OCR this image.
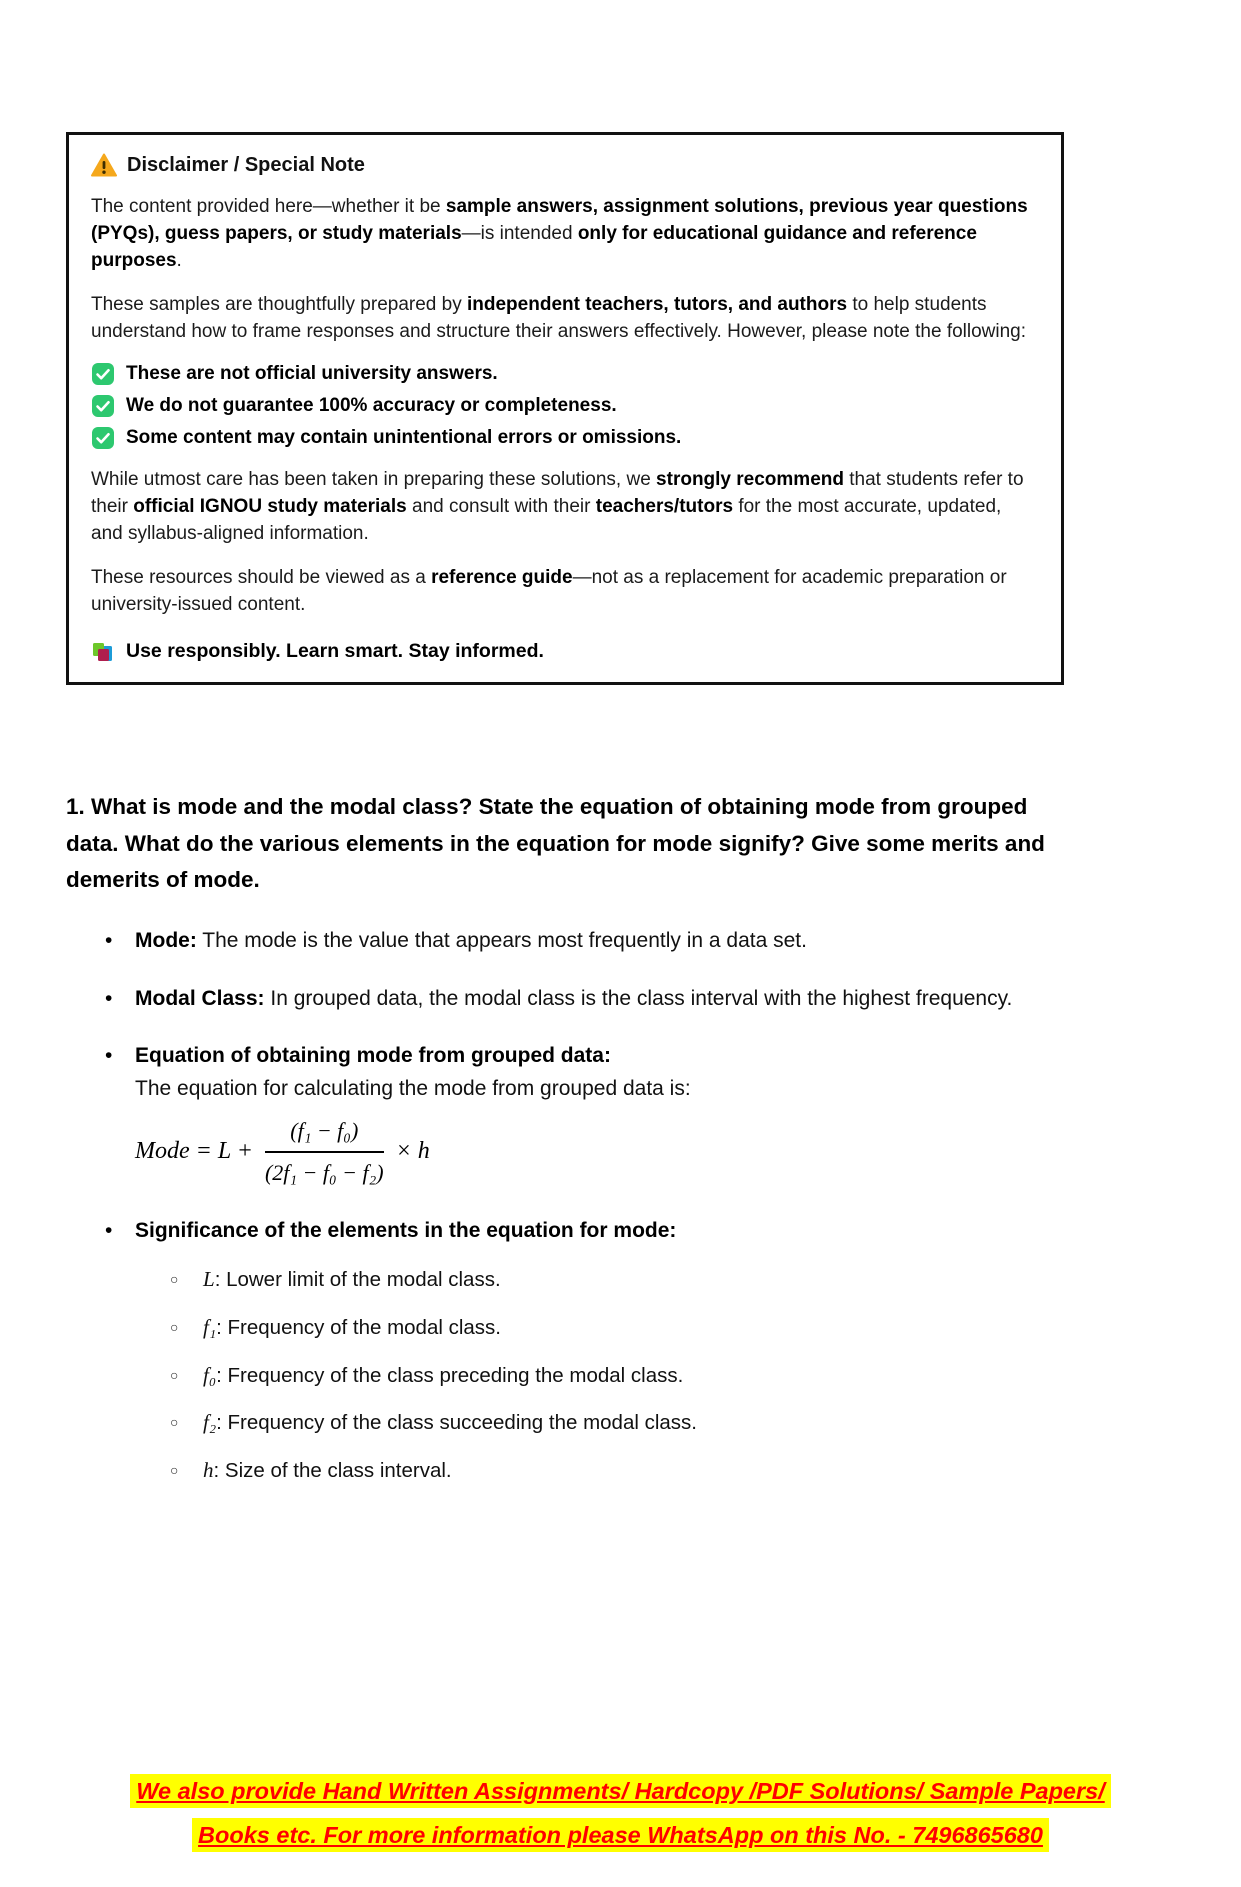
Disclaimer / Special Note

The content provided here—whether it be sample answers, assignment solutions, previous year questions (PYQs), guess papers, or study materials—is intended only for educational guidance and reference purposes.

These samples are thoughtfully prepared by independent teachers, tutors, and authors to help students understand how to frame responses and structure their answers effectively. However, please note the following:

These are not official university answers.
We do not guarantee 100% accuracy or completeness.
Some content may contain unintentional errors or omissions.

While utmost care has been taken in preparing these solutions, we strongly recommend that students refer to their official IGNOU study materials and consult with their teachers/tutors for the most accurate, updated, and syllabus-aligned information.

These resources should be viewed as a reference guide—not as a replacement for academic preparation or university-issued content.

Use responsibly. Learn smart. Stay informed.
1. What is mode and the modal class? State the equation of obtaining mode from grouped data. What do the various elements in the equation for mode signify? Give some merits and demerits of mode.
•	Mode: The mode is the value that appears most frequently in a data set.
•	Modal Class: In grouped data, the modal class is the class interval with the highest frequency.
•	Equation of obtaining mode from grouped data:
The equation for calculating the mode from grouped data is:
Mode = $L + \frac{\text{(f₁ − f₀)}}{\text{(2f₁ − f₀ − f₂)}} \times h$
•	Significance of the elements in the equation for mode:
○	L: Lower limit of the modal class.
○	f₁: Frequency of the modal class.
○	f₀: Frequency of the class preceding the modal class.
○	f₂: Frequency of the class succeeding the modal class.
○	h: Size of the class interval.
We also provide Hand Written Assignments/ Hardcopy /PDF Solutions/ Sample Papers/
Books etc. For more information please WhatsApp on this No. - 7496865680
